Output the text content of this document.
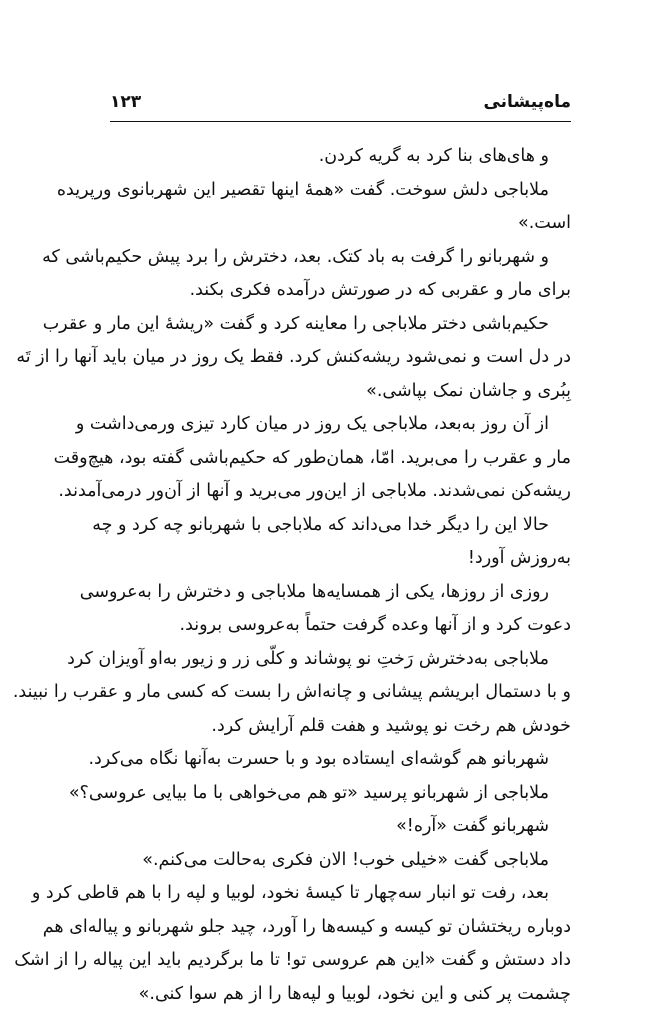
ماه‌پیشانی
۱۲۳
و های‌های بنا کرد به گریه کردن.
ملاباجی دلش سوخت. گفت «همهٔ اینها تقصیر این شهربانوی ورپریده
است.»
و شهربانو را گرفت به باد کتک. بعد، دخترش را برد پیش حکیم‌باشی که
برای مار و عقربی که در صورتش درآمده فکری بکند.
حکیم‌باشی دختر ملاباجی را معاینه کرد و گفت «ریشهٔ این مار و عقرب
در دل است و نمی‌شود ریشه‌کنش کرد. فقط یک روز در میان باید آنها را از تَه
بِبُری و جاشان نمک بپاشی.»
از آن روز به‌بعد، ملاباجی یک روز در میان کارد تیزی ورمی‌داشت و
مار و عقرب را می‌برید. امّا، همان‌طور که حکیم‌باشی گفته بود، هیچ‌وقت
ریشه‌کن نمی‌شدند. ملاباجی از این‌ور می‌برید و آنها از آن‌ور درمی‌آمدند.
حالا این را دیگر خدا می‌داند که ملاباجی با شهربانو چه کرد و چه
به‌روزش آورد!
روزی از روزها، یکی از همسایه‌ها ملاباجی و دخترش را به‌عروسی
دعوت کرد و از آنها وعده گرفت حتماً به‌عروسی بروند.
ملاباجی به‌دخترش رَختِ نو پوشاند و کلّی زر و زیور به‌او آویزان کرد
و با دستمال ابریشم پیشانی و چانه‌اش را بست که کسی مار و عقرب را نبیند.
خودش هم رخت نو پوشید و هفت قلم آرایش کرد.
شهربانو هم گوشه‌ای ایستاده بود و با حسرت به‌آنها نگاه می‌کرد.
ملاباجی از شهربانو پرسید «تو هم می‌خواهی با ما بیایی عروسی؟»
شهربانو گفت «آره!»
ملاباجی گفت «خیلی خوب! الان فکری به‌حالت می‌کنم.»
بعد، رفت تو انبار سه‌چهار تا کیسهٔ نخود، لوبیا و لپه را با هم قاطی کرد و
دوباره ریختشان تو کیسه و کیسه‌ها را آورد، چید جلو شهربانو و پیاله‌ای هم
داد دستش و گفت «این هم عروسی تو! تا ما برگردیم باید این پیاله را از اشک
چشمت پر کنی و این نخود، لوبیا و لپه‌ها را از هم سوا کنی.»
